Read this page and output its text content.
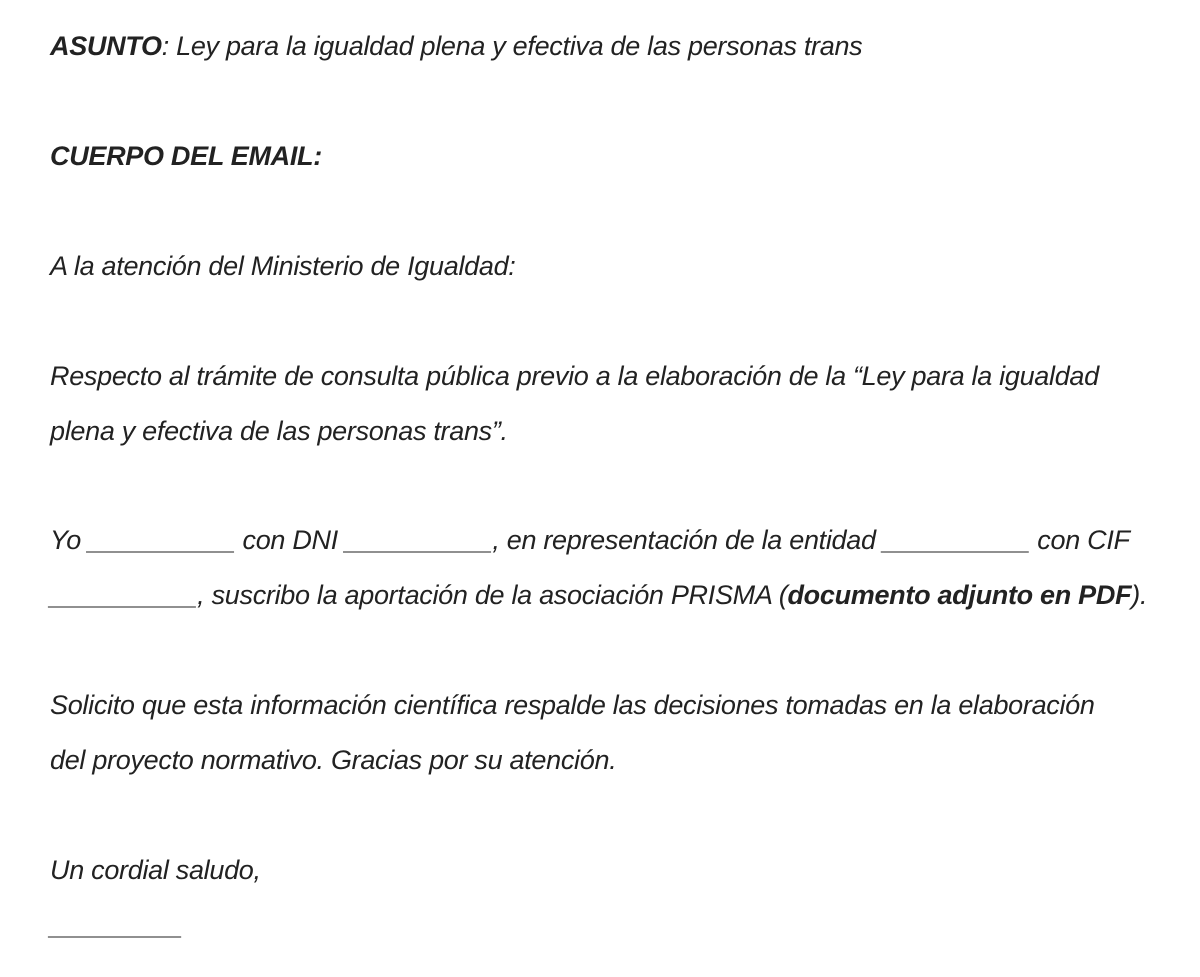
ASUNTO: Ley para la igualdad plena y efectiva de las personas trans
CUERPO DEL EMAIL:
A la atención del Ministerio de Igualdad:
Respecto al trámite de consulta pública previo a la elaboración de la “Ley para la igualdad
plena y efectiva de las personas trans”.
Yo __________ con DNI __________, en representación de la entidad __________ con CIF
__________, suscribo la aportación de la asociación PRISMA (documento adjunto en PDF).
Solicito que esta información científica respalde las decisiones tomadas en la elaboración
del proyecto normativo. Gracias por su atención.
Un cordial saludo,
_________
